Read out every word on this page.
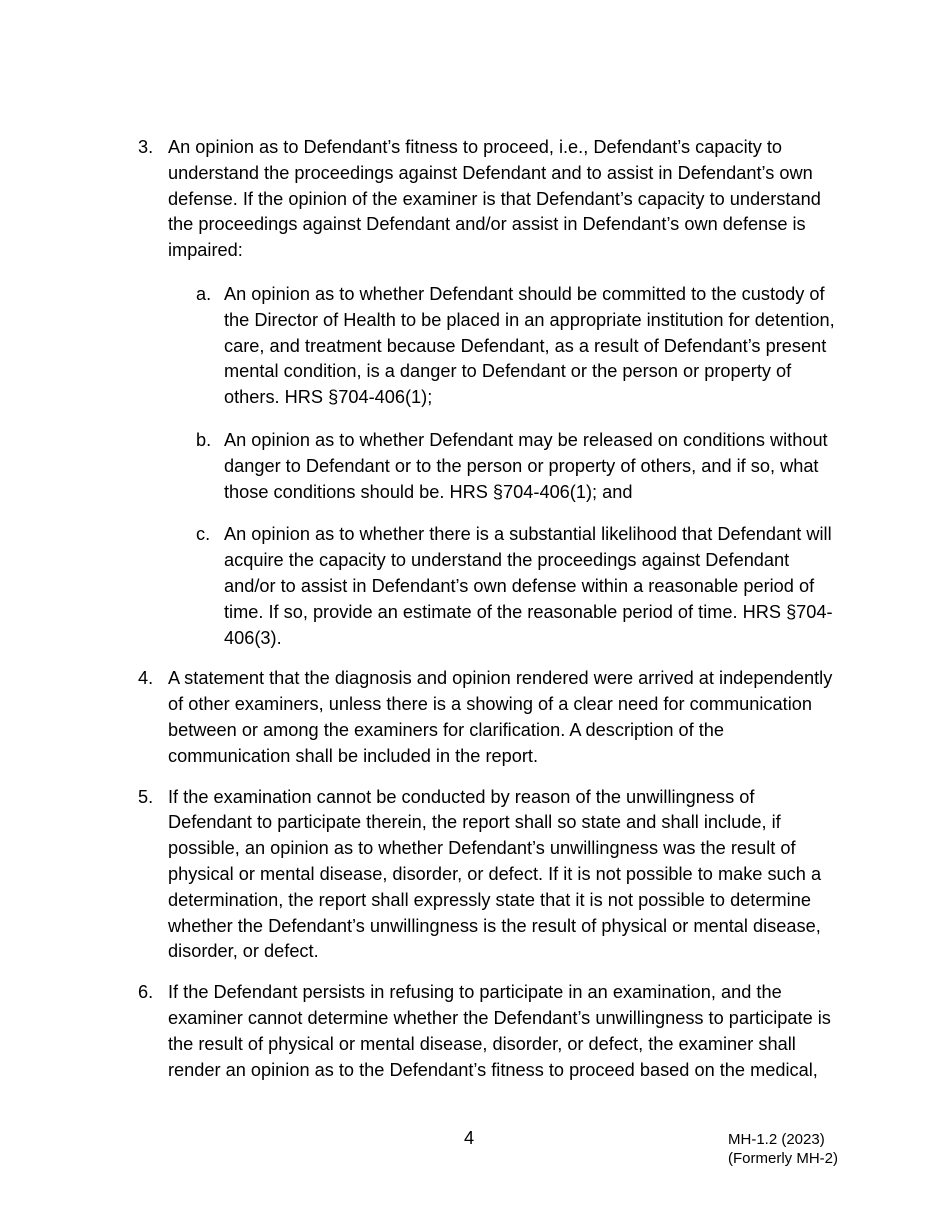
3. An opinion as to Defendant’s fitness to proceed, i.e., Defendant’s capacity to understand the proceedings against Defendant and to assist in Defendant’s own defense. If the opinion of the examiner is that Defendant’s capacity to understand the proceedings against Defendant and/or assist in Defendant’s own defense is impaired:
a. An opinion as to whether Defendant should be committed to the custody of the Director of Health to be placed in an appropriate institution for detention, care, and treatment because Defendant, as a result of Defendant’s present mental condition, is a danger to Defendant or the person or property of others. HRS §704-406(1);
b. An opinion as to whether Defendant may be released on conditions without danger to Defendant or to the person or property of others, and if so, what those conditions should be. HRS §704-406(1); and
c. An opinion as to whether there is a substantial likelihood that Defendant will acquire the capacity to understand the proceedings against Defendant and/or to assist in Defendant’s own defense within a reasonable period of time. If so, provide an estimate of the reasonable period of time. HRS §704-406(3).
4. A statement that the diagnosis and opinion rendered were arrived at independently of other examiners, unless there is a showing of a clear need for communication between or among the examiners for clarification. A description of the communication shall be included in the report.
5. If the examination cannot be conducted by reason of the unwillingness of Defendant to participate therein, the report shall so state and shall include, if possible, an opinion as to whether Defendant’s unwillingness was the result of physical or mental disease, disorder, or defect. If it is not possible to make such a determination, the report shall expressly state that it is not possible to determine whether the Defendant’s unwillingness is the result of physical or mental disease, disorder, or defect.
6. If the Defendant persists in refusing to participate in an examination, and the examiner cannot determine whether the Defendant’s unwillingness to participate is the result of physical or mental disease, disorder, or defect, the examiner shall render an opinion as to the Defendant’s fitness to proceed based on the medical,
4	MH-1.2 (2023)
(Formerly MH-2)
